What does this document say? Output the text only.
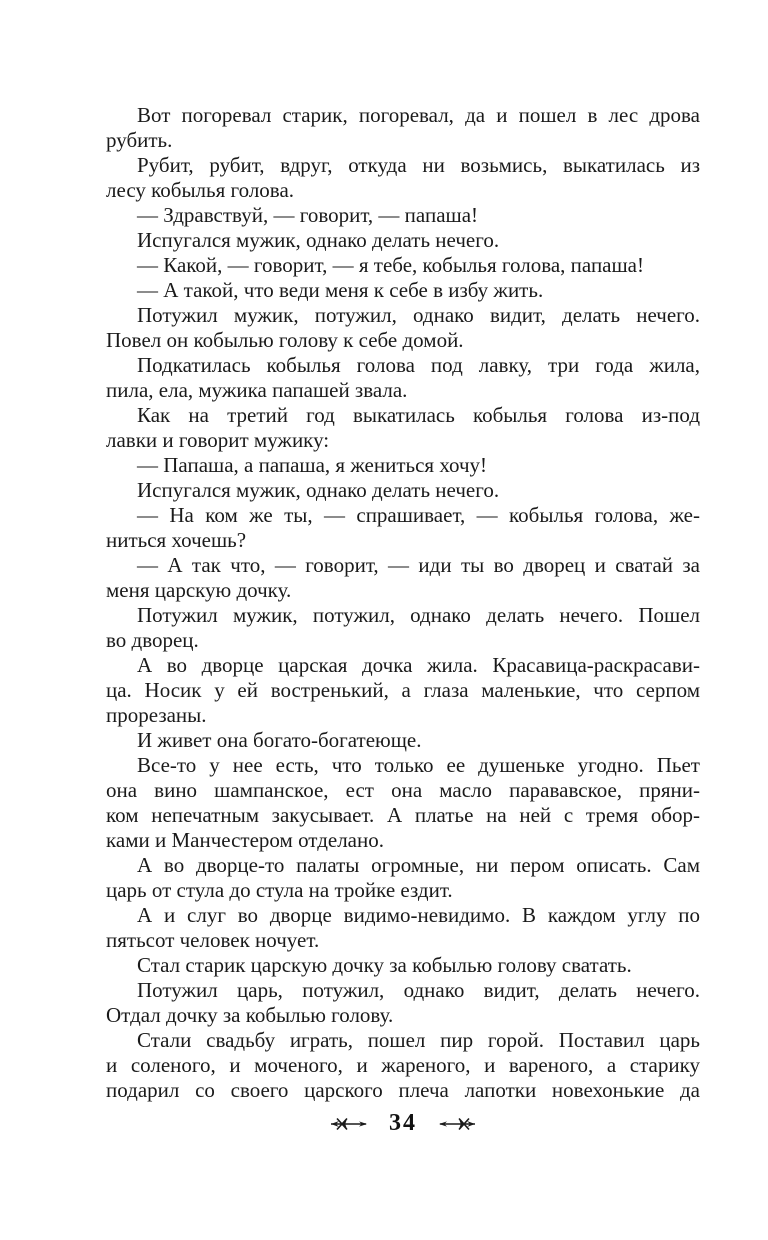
Вот погоревал старик, погоревал, да и пошел в лес дрова
рубить.
Рубит, рубит, вдруг, откуда ни возьмись, выкатилась из
лесу кобылья голова.
— Здравствуй, — говорит, — папаша!
Испугался мужик, однако делать нечего.
— Какой, — говорит, — я тебе, кобылья голова, папаша!
— А такой, что веди меня к себе в избу жить.
Потужил мужик, потужил, однако видит, делать нечего.
Повел он кобылью голову к себе домой.
Подкатилась кобылья голова под лавку, три года жила,
пила, ела, мужика папашей звала.
Как на третий год выкатилась кобылья голова из-под
лавки и говорит мужику:
— Папаша, а папаша, я жениться хочу!
Испугался мужик, однако делать нечего.
— На ком же ты, — спрашивает, — кобылья голова, же-
ниться хочешь?
— А так что, — говорит, — иди ты во дворец и сватай за
меня царскую дочку.
Потужил мужик, потужил, однако делать нечего. Пошел
во дворец.
А во дворце царская дочка жила. Красавица-раскрасави-
ца. Носик у ей востренький, а глаза маленькие, что серпом
прорезаны.
И живет она богато-богатеюще.
Все-то у нее есть, что только ее душеньке угодно. Пьет
она вино шампанское, ест она масло парававское, пряни-
ком непечатным закусывает. А платье на ней с тремя обор-
ками и Манчестером отделано.
А во дворце-то палаты огромные, ни пером описать. Сам
царь от стула до стула на тройке ездит.
А и слуг во дворце видимо-невидимо. В каждом углу по
пятьсот человек ночует.
Стал старик царскую дочку за кобылью голову сватать.
Потужил царь, потужил, однако видит, делать нечего.
Отдал дочку за кобылью голову.
Стали свадьбу играть, пошел пир горой. Поставил царь
и соленого, и моченого, и жареного, и вареного, а старику
подарил со своего царского плеча лапотки новехонькие да
34
